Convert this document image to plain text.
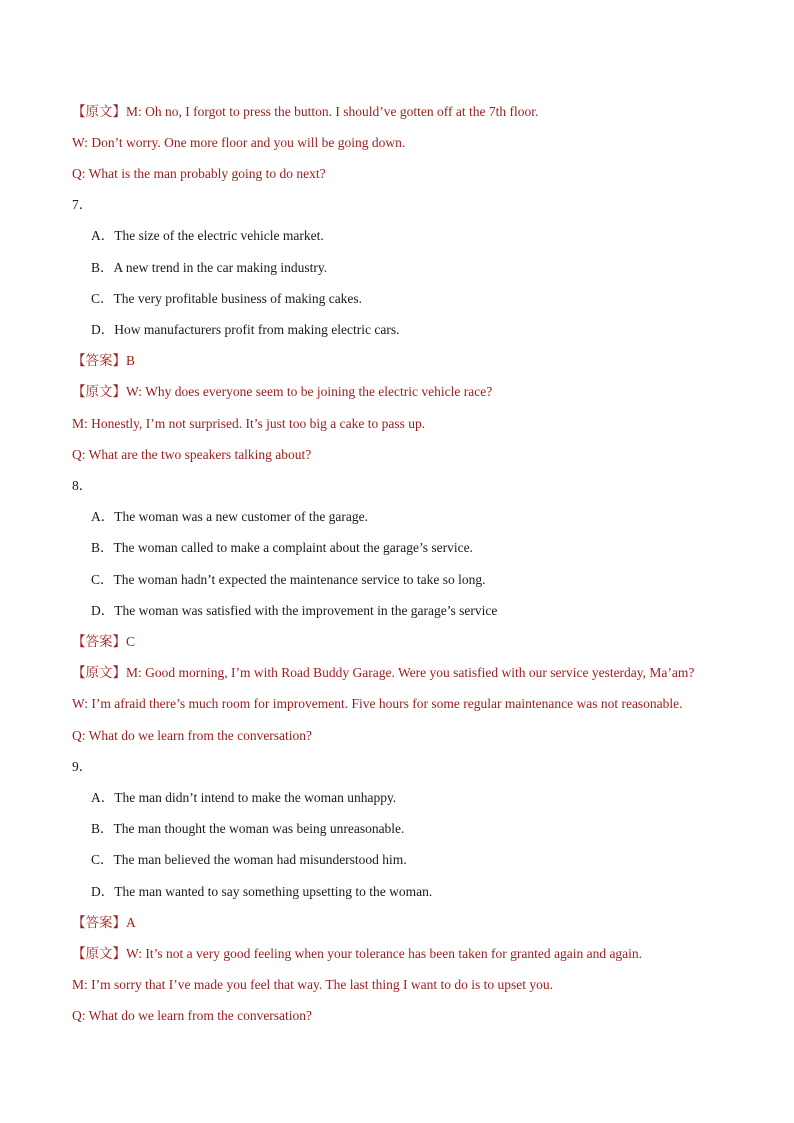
【原文】M: Oh no, I forgot to press the button. I should’ve gotten off at the 7th floor.
W: Don’t worry. One more floor and you will be going down.
Q: What is the man probably going to do next?
7．
A．The size of the electric vehicle market.
B．A new trend in the car making industry.
C．The very profitable business of making cakes.
D．How manufacturers profit from making electric cars.
【答案】B
【原文】W: Why does everyone seem to be joining the electric vehicle race?
M: Honestly, I’m not surprised. It’s just too big a cake to pass up.
Q: What are the two speakers talking about?
8．
A．The woman was a new customer of the garage.
B．The woman called to make a complaint about the garage’s service.
C．The woman hadn’t expected the maintenance service to take so long.
D．The woman was satisfied with the improvement in the garage’s service
【答案】C
【原文】M: Good morning, I’m with Road Buddy Garage. Were you satisfied with our service yesterday, Ma’am?
W: I’m afraid there’s much room for improvement. Five hours for some regular maintenance was not reasonable.
Q: What do we learn from the conversation?
9．
A．The man didn’t intend to make the woman unhappy.
B．The man thought the woman was being unreasonable.
C．The man believed the woman had misunderstood him.
D．The man wanted to say something upsetting to the woman.
【答案】A
【原文】W: It’s not a very good feeling when your tolerance has been taken for granted again and again.
M: I’m sorry that I’ve made you feel that way. The last thing I want to do is to upset you.
Q: What do we learn from the conversation?
